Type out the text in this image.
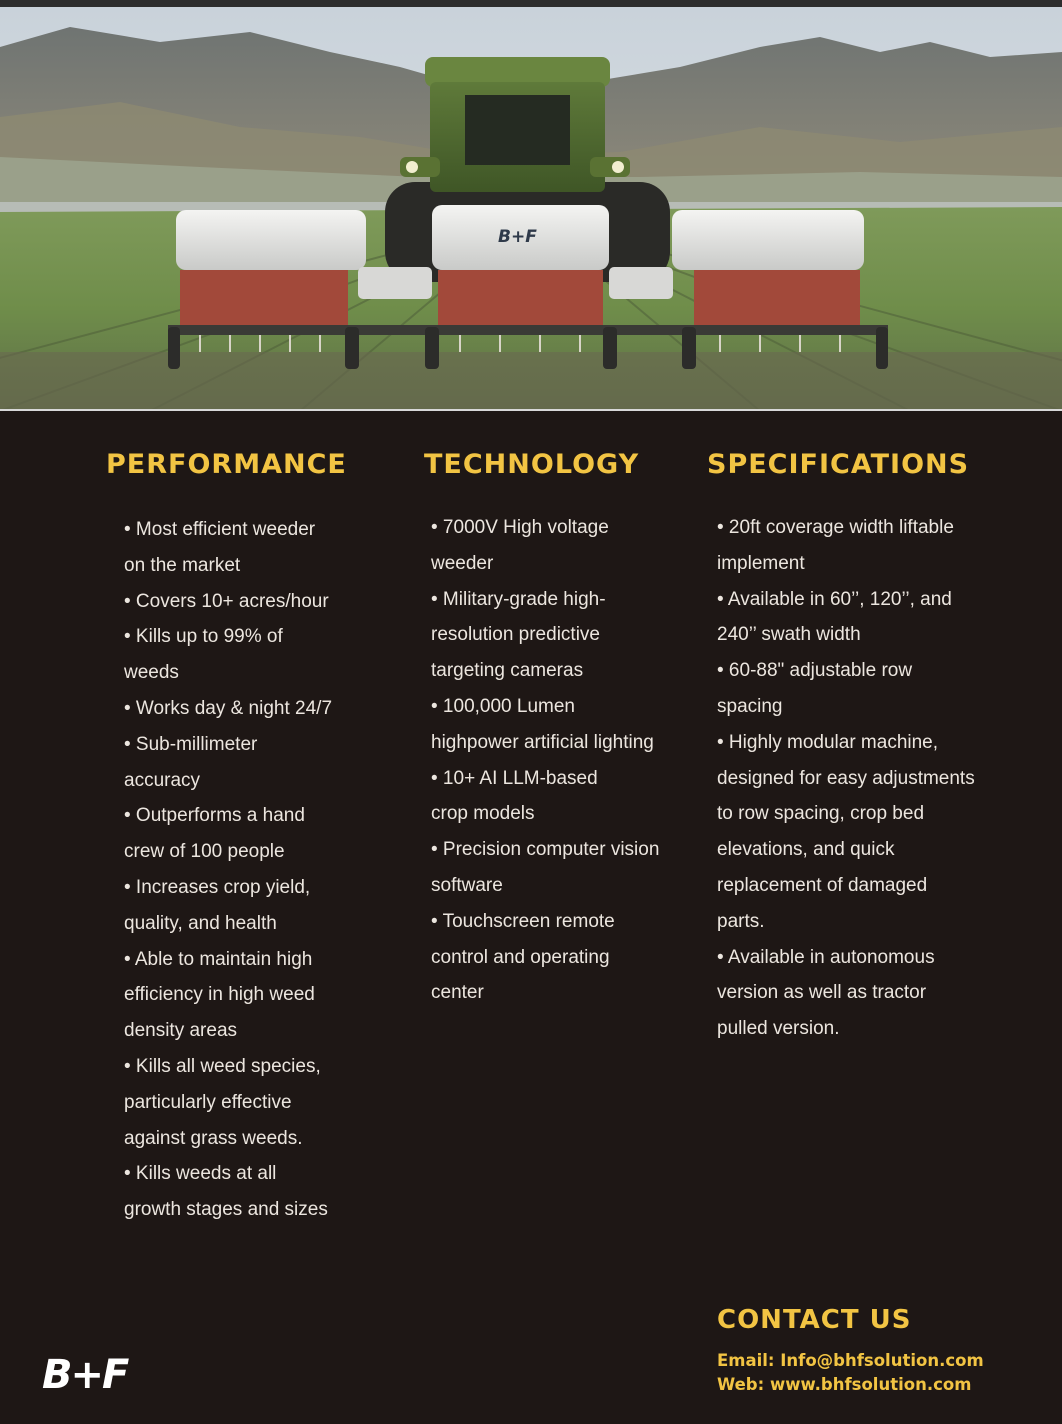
B+F
PERFORMANCE	TECHNOLOGY	SPECIFICATIONS
• Most efficient weeder
on the market
• Covers 10+ acres/hour
• Kills up to 99% of
weeds
• Works day & night 24/7
• Sub-millimeter
accuracy
• Outperforms a hand
crew of 100 people
• Increases crop yield,
quality, and health
• Able to maintain high
efficiency in high weed
density areas
• Kills all weed species,
particularly effective
against grass weeds.
• Kills weeds at all
growth stages and sizes
• 7000V High voltage
weeder
• Military-grade high-
resolution predictive
targeting cameras
• 100,000 Lumen
highpower artificial lighting
• 10+ AI LLM-based
crop models
• Precision computer vision
software
• Touchscreen remote
control and operating
center
• 20ft coverage width liftable
implement
• Available in 60’’, 120’’, and
240’’ swath width
• 60-88" adjustable row
spacing
• Highly modular machine,
designed for easy adjustments
to row spacing, crop bed
elevations, and quick
replacement of damaged
parts.
• Available in autonomous
version as well as tractor
pulled version.
CONTACT US

Email: Info@bhfsolution.com

Web: www.bhfsolution.com

B+F
